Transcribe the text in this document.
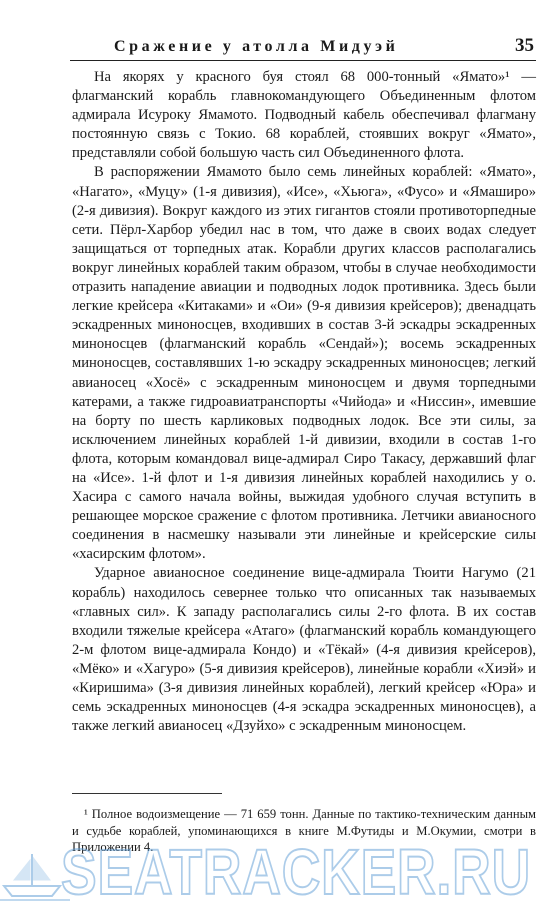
Сражение у атолла Мидуэй	35

На якорях у красного буя стоял 68 000-тонный «Ямато»¹ — флагманский корабль главнокомандующего Объединенным флотом адмирала Исуроку Ямамото. Подводный кабель обеспечивал флагману постоянную связь с Токио. 68 кораблей, стоявших вокруг «Ямато», представляли собой большую часть сил Объединенного флота.

В распоряжении Ямамото было семь линейных кораблей: «Ямато», «Нагато», «Муцу» (1-я дивизия), «Исе», «Хьюга», «Фусо» и «Ямаширо» (2-я дивизия). Вокруг каждого из этих гигантов стояли противоторпедные сети. Пёрл-Харбор убедил нас в том, что даже в своих водах следует защищаться от торпедных атак. Корабли других классов располагались вокруг линейных кораблей таким образом, чтобы в случае необходимости отразить нападение авиации и подводных лодок противника. Здесь были легкие крейсера «Китаками» и «Ои» (9-я дивизия крейсеров); двенадцать эскадренных миноносцев, входивших в состав 3-й эскадры эскадренных миноносцев (флагманский корабль «Сендай»); восемь эскадренных миноносцев, составлявших 1-ю эскадру эскадренных миноносцев; легкий авианосец «Хосё» с эскадренным миноносцем и двумя торпедными катерами, а также гидроавиатранспорты «Чийода» и «Ниссин», имевшие на борту по шесть карликовых подводных лодок. Все эти силы, за исключением линейных кораблей 1-й дивизии, входили в состав 1-го флота, которым командовал вице-адмирал Сиро Такасу, державший флаг на «Исе». 1-й флот и 1-я дивизия линейных кораблей находились у о. Хасира с самого начала войны, выжидая удобного случая вступить в решающее морское сражение с флотом противника. Летчики авианосного соединения в насмешку называли эти линейные и крейсерские силы «хасирским флотом».

Ударное авианосное соединение вице-адмирала Тюити Нагумо (21 корабль) находилось севернее только что описанных так называемых «главных сил». К западу располагались силы 2-го флота. В их состав входили тяжелые крейсера «Атаго» (флагманский корабль командующего 2-м флотом вице-адмирала Кондо) и «Тёкай» (4-я дивизия крейсеров), «Мёко» и «Хагуро» (5-я дивизия крейсеров), линейные корабли «Хиэй» и «Киришима» (3-я дивизия линейных кораблей), легкий крейсер «Юра» и семь эскадренных миноносцев (4-я эскадра эскадренных миноносцев), а также легкий авианосец «Дзуйхо» с эскадренным миноносцем.

¹ Полное водоизмещение — 71 659 тонн. Данные по тактико-техническим данным и судьбе кораблей, упоминающихся в книге М.Футиды и М.Окумии, смотри в Приложении 4.

SEATRACKER.RU
